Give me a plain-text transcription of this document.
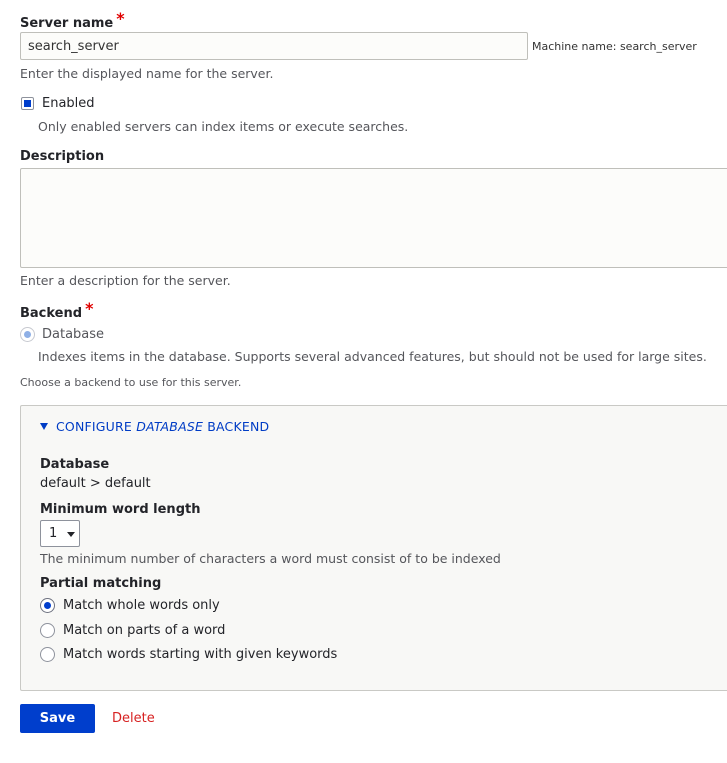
Server name *
search_server
Machine name: search_server
Enter the displayed name for the server.
Enabled
Only enabled servers can index items or execute searches.
Description
Enter a description for the server.
Backend *
Database
Indexes items in the database. Supports several advanced features, but should not be used for large sites.
Choose a backend to use for this server.
CONFIGURE DATABASE BACKEND
Database
default > default
Minimum word length
1
The minimum number of characters a word must consist of to be indexed
Partial matching
Match whole words only
Match on parts of a word
Match words starting with given keywords
Save	Delete
